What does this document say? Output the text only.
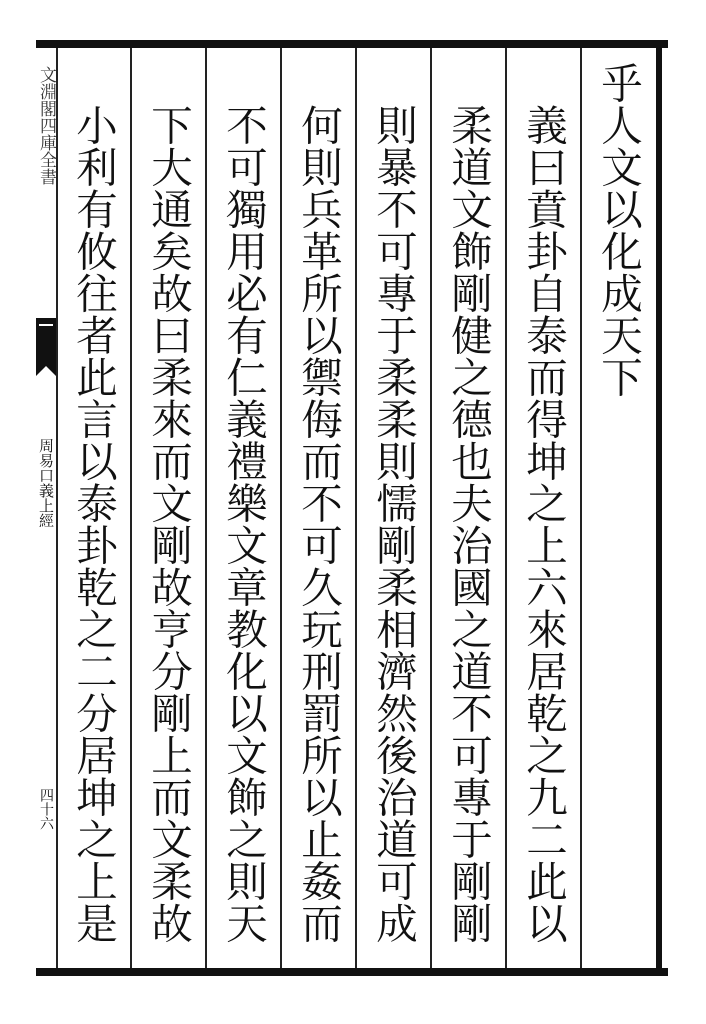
文淵閣四庫全書
周易口義上經
四十六
乎人文以化成天下
義曰賁卦自泰而得坤之上六來居乾之九二此以
柔道文飾剛健之德也夫治國之道不可專于剛剛
則暴不可專于柔柔則懦剛柔相濟然後治道可成
何則兵革所以禦侮而不可久玩刑罰所以止姦而
不可獨用必有仁義禮樂文章教化以文飾之則天
下大通矣故曰柔來而文剛故亨分剛上而文柔故
小利有攸往者此言以泰卦乾之二分居坤之上是
